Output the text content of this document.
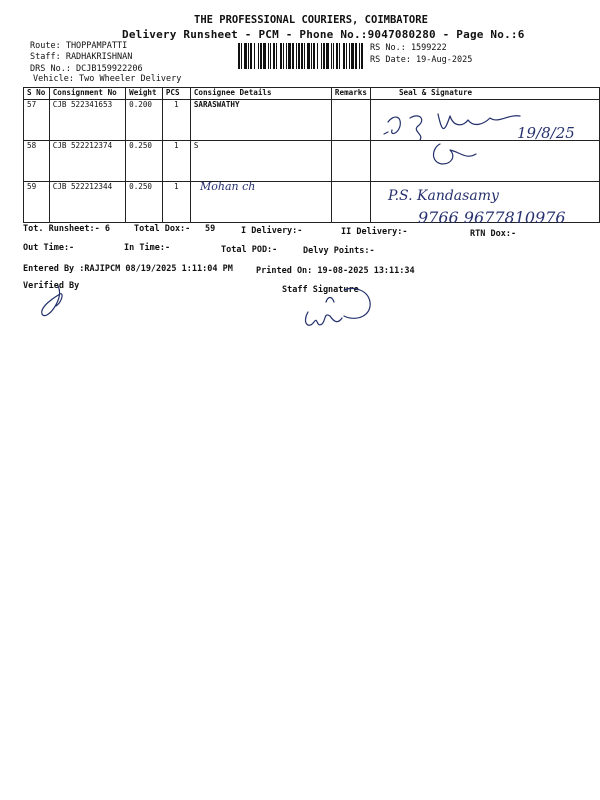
THE PROFESSIONAL COURIERS, COIMBATORE
Delivery Runsheet - PCM - Phone No.:9047080280 - Page No.:6
Route: THOPPAMPATTI
Staff: RADHAKRISHNAN
DRS No.: DCJB159922206
Vehicle: Two Wheeler Delivery
RS No.: 1599222
RS Date: 19-Aug-2025
S No	Consignment No	Weight	PCS	Consignee Details	Remarks	Seal & Signature
57	CJB 522341653	0.200	1	SARASWATHY		
58	CJB 522212374	0.250	1	S		
59	CJB 522212344	0.250	1			
19/8/25
Mohan ch
P.S. Kandasamy
9766 9677810976
Tot. Runsheet:- 6	Total Dox:- 59	I Delivery:-	II Delivery:-	RTN Dox:-
Out Time:-	In Time:-	Total POD:-	Delvy Points:-
Entered By :RAJIPCM 08/19/2025 1:11:04 PM	Printed On: 19-08-2025 13:11:34
Verified By	Staff Signature
